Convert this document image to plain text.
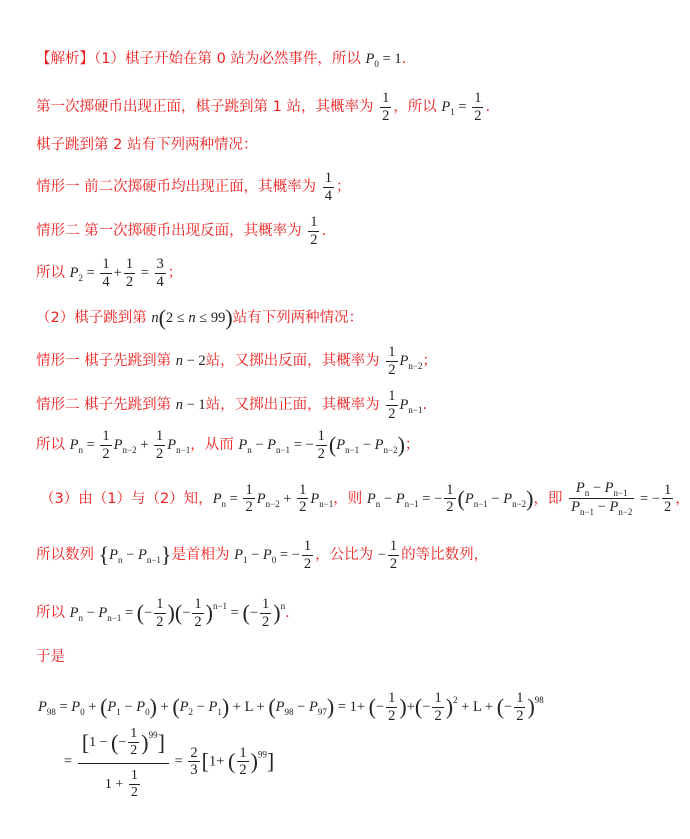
【解析】（1）棋子开始在第 0 站为必然事件，所以 $P_0 = 1$.
第一次掷硬币出现正面，棋子跳到第 1 站，其概率为 $\frac{1}{2}$ ，所以 $P_1 = \frac{1}{2}$ .
棋子跳到第 2 站有下列两种情况：
情形一 前二次掷硬币均出现正面，其概率为 $\frac{1}{4}$ ；
情形二 第一次掷硬币出现反面，其概率为 $\frac{1}{2}$ .
所以 $P_2 = \frac{1}{4} + \frac{1}{2} = \frac{3}{4}$ ；
（2）棋子跳到第 n(2 ≤ n ≤ 99)站有下列两种情况：
情形一 棋子先跳到第 n − 2站，又掷出反面，其概率为 $\frac{1}{2} P_{n-2}$；
情形二 棋子先跳到第 n − 1站，又掷出正面，其概率为 $\frac{1}{2} P_{n-1}$.
所以 $P_n = \frac{1}{2} P_{n-2} + \frac{1}{2} P_{n-1}$，从而 $P_n - P_{n-1}$ = − $\frac{1}{2} (P_{n-1} - P_{n-2})$；
（3）由（1）与（2）知，$P_n = \frac{1}{2} P_{n-2} + \frac{1}{2} P_{n-1}$，则 $P_n - P_{n-1}$ = − $\frac{1}{2} (P_{n-1} - P_{n-2})$，即 $\frac{P_n - P_{n-1}}{P_{n-1} - P_{n-2}}$ = − $\frac{1}{2}$ ，
所以数列 $\{P_n - P_{n-1}\}$是首相为 $P_1 - P_0$ = − $\frac{1}{2}$ ，公比为 − $\frac{1}{2}$ 的等比数列，
所以 $P_n - P_{n-1}$ = (− $\frac{1}{2}$ )(− $\frac{1}{2} )^{n-1}$ = (− $\frac{1}{2} )^n$.
于是
$P_{98} = P_0 + (P_1 - P_0) + (P_2 - P_1) + L + (P_{98} - P_{97}) = 1+$ (− $\frac{1}{2}$ )+(− $\frac{1}{2} )^2 + L$ + (− $\frac{1}{2} )^{98}$
= $\frac{[1 - (- \frac{1}{2} )^{99}]}{1 + \frac{1}{2}} = \frac{2}{3} [1+$ ( $\frac{1}{2} )^{99}$]
